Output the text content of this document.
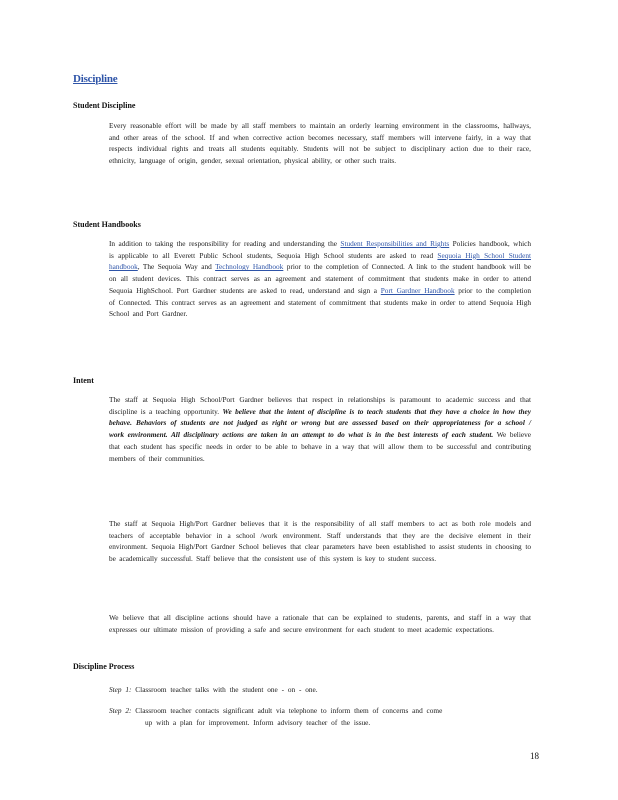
Discipline
Student Discipline
Every reasonable effort will be made by all staff members to maintain an orderly learning environment in the classrooms, hallways, and other areas of the school. If and when corrective action becomes necessary, staff members will intervene fairly, in a way that respects individual rights and treats all students equitably. Students will not be subject to disciplinary action due to their race, ethnicity, language of origin, gender, sexual orientation, physical ability, or other such traits.
Student Handbooks
In addition to taking the responsibility for reading and understanding the Student Responsibilities and Rights Policies handbook, which is applicable to all Everett Public School students, Sequoia High School students are asked to read Sequoia High School Student handbook, The Sequoia Way and Technology Handbook prior to the completion of Connected. A link to the student handbook will be on all student devices. This contract serves as an agreement and statement of commitment that students make in order to attend Sequoia HighSchool. Port Gardner students are asked to read, understand and sign a Port Gardner Handbook prior to the completion of Connected. This contract serves as an agreement and statement of commitment that students make in order to attend Sequoia High School and Port Gardner.
Intent
The staff at Sequoia High School/Port Gardner believes that respect in relationships is paramount to academic success and that discipline is a teaching opportunity. We believe that the intent of discipline is to teach students that they have a choice in how they behave. Behaviors of students are not judged as right or wrong but are assessed based on their appropriateness for a school / work environment. All disciplinary actions are taken in an attempt to do what is in the best interests of each student. We believe that each student has specific needs in order to be able to behave in a way that will allow them to be successful and contributing members of their communities.
The staff at Sequoia High/Port Gardner believes that it is the responsibility of all staff members to act as both role models and teachers of acceptable behavior in a school /work environment. Staff understands that they are the decisive element in their environment. Sequoia High/Port Gardner School believes that clear parameters have been established to assist students in choosing to be academically successful. Staff believe that the consistent use of this system is key to student success.
We believe that all discipline actions should have a rationale that can be explained to students, parents, and staff in a way that expresses our ultimate mission of providing a safe and secure environment for each student to meet academic expectations.
Discipline Process
Step 1: Classroom teacher talks with the student one - on - one.
Step 2: Classroom teacher contacts significant adult via telephone to inform them of concerns and come
up with a plan for improvement. Inform advisory teacher of the issue.
18
